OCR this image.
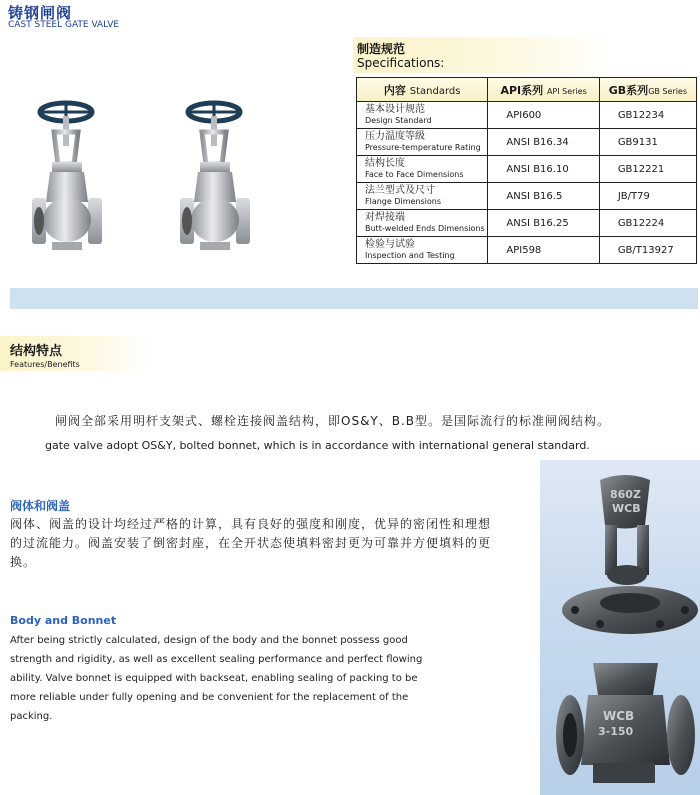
铸钢闸阀
CAST STEEL GATE VALVE
制造规范
Specifications:
内容 Standards	API系列 API Series	GB系列GB Series

基本设计规范
Design Standard	API600	GB12234

压力温度等级
Pressure-temperature Rating	ANSI B16.34	GB9131

结构长度
Face to Face Dimensions	ANSI B16.10	GB12221

法兰型式及尺寸
Flange Dimensions	ANSI B16.5	JB/T79

对焊接端
Butt-welded Ends Dimensions	ANSI B16.25	GB12224

检验与试验
Inspection and Testing	API598	GB/T13927
结构特点
Features/Benefits
闸阀全部采用明杆支架式、螺栓连接阀盖结构，即OS&Y、B.B型。是国际流行的标准闸阀结构。
gate valve adopt OS&Y, bolted bonnet, which is in accordance with international general standard.
阀体和阀盖
阀体、阀盖的设计均经过严格的计算，具有良好的强度和刚度，优异的密闭性和理想的过流能力。阀盖安装了倒密封座，在全开状态使填料密封更为可靠并方便填料的更换。
Body and Bonnet
After being strictly calculated, design of the body and the bonnet possess good strength and rigidity, as well as excellent sealing performance and perfect flowing ability. Valve bonnet is equipped with backseat, enabling sealing of packing to be more reliable under fully opening and be convenient for the replacement of the packing.
860Z
WCB
WCB
3-150
